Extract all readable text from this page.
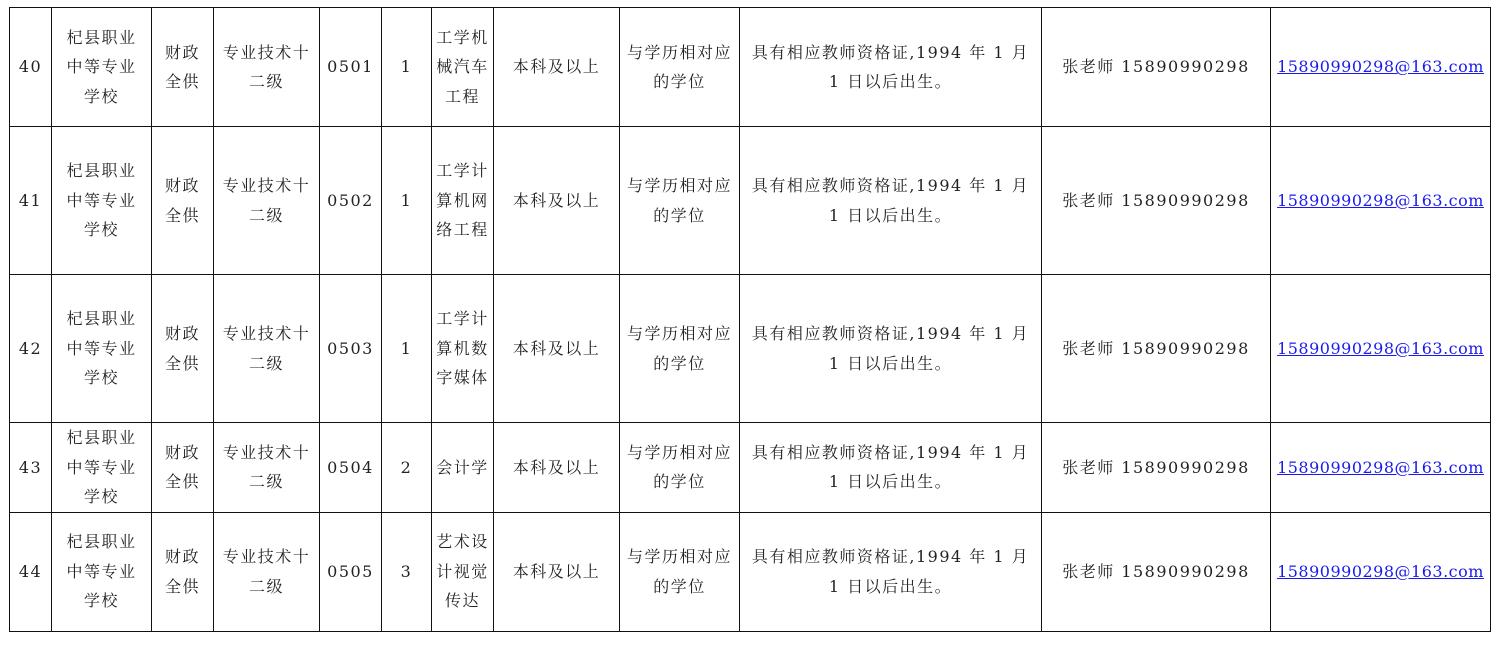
40	杞县职业中等专业学校	财政全供	专业技术十二级	0501	1	工学机械汽车工程	本科及以上	与学历相对应的学位	具有相应教师资格证,1994 年 1 月 1 日以后出生。	张老师 15890990298	15890990298@163.com
41	杞县职业中等专业学校	财政全供	专业技术十二级	0502	1	工学计算机网络工程	本科及以上	与学历相对应的学位	具有相应教师资格证,1994 年 1 月 1 日以后出生。	张老师 15890990298	15890990298@163.com
42	杞县职业中等专业学校	财政全供	专业技术十二级	0503	1	工学计算机数字媒体	本科及以上	与学历相对应的学位	具有相应教师资格证,1994 年 1 月 1 日以后出生。	张老师 15890990298	15890990298@163.com
43	杞县职业中等专业学校	财政全供	专业技术十二级	0504	2	会计学	本科及以上	与学历相对应的学位	具有相应教师资格证,1994 年 1 月 1 日以后出生。	张老师 15890990298	15890990298@163.com
44	杞县职业中等专业学校	财政全供	专业技术十二级	0505	3	艺术设计视觉传达	本科及以上	与学历相对应的学位	具有相应教师资格证,1994 年 1 月 1 日以后出生。	张老师 15890990298	15890990298@163.com
